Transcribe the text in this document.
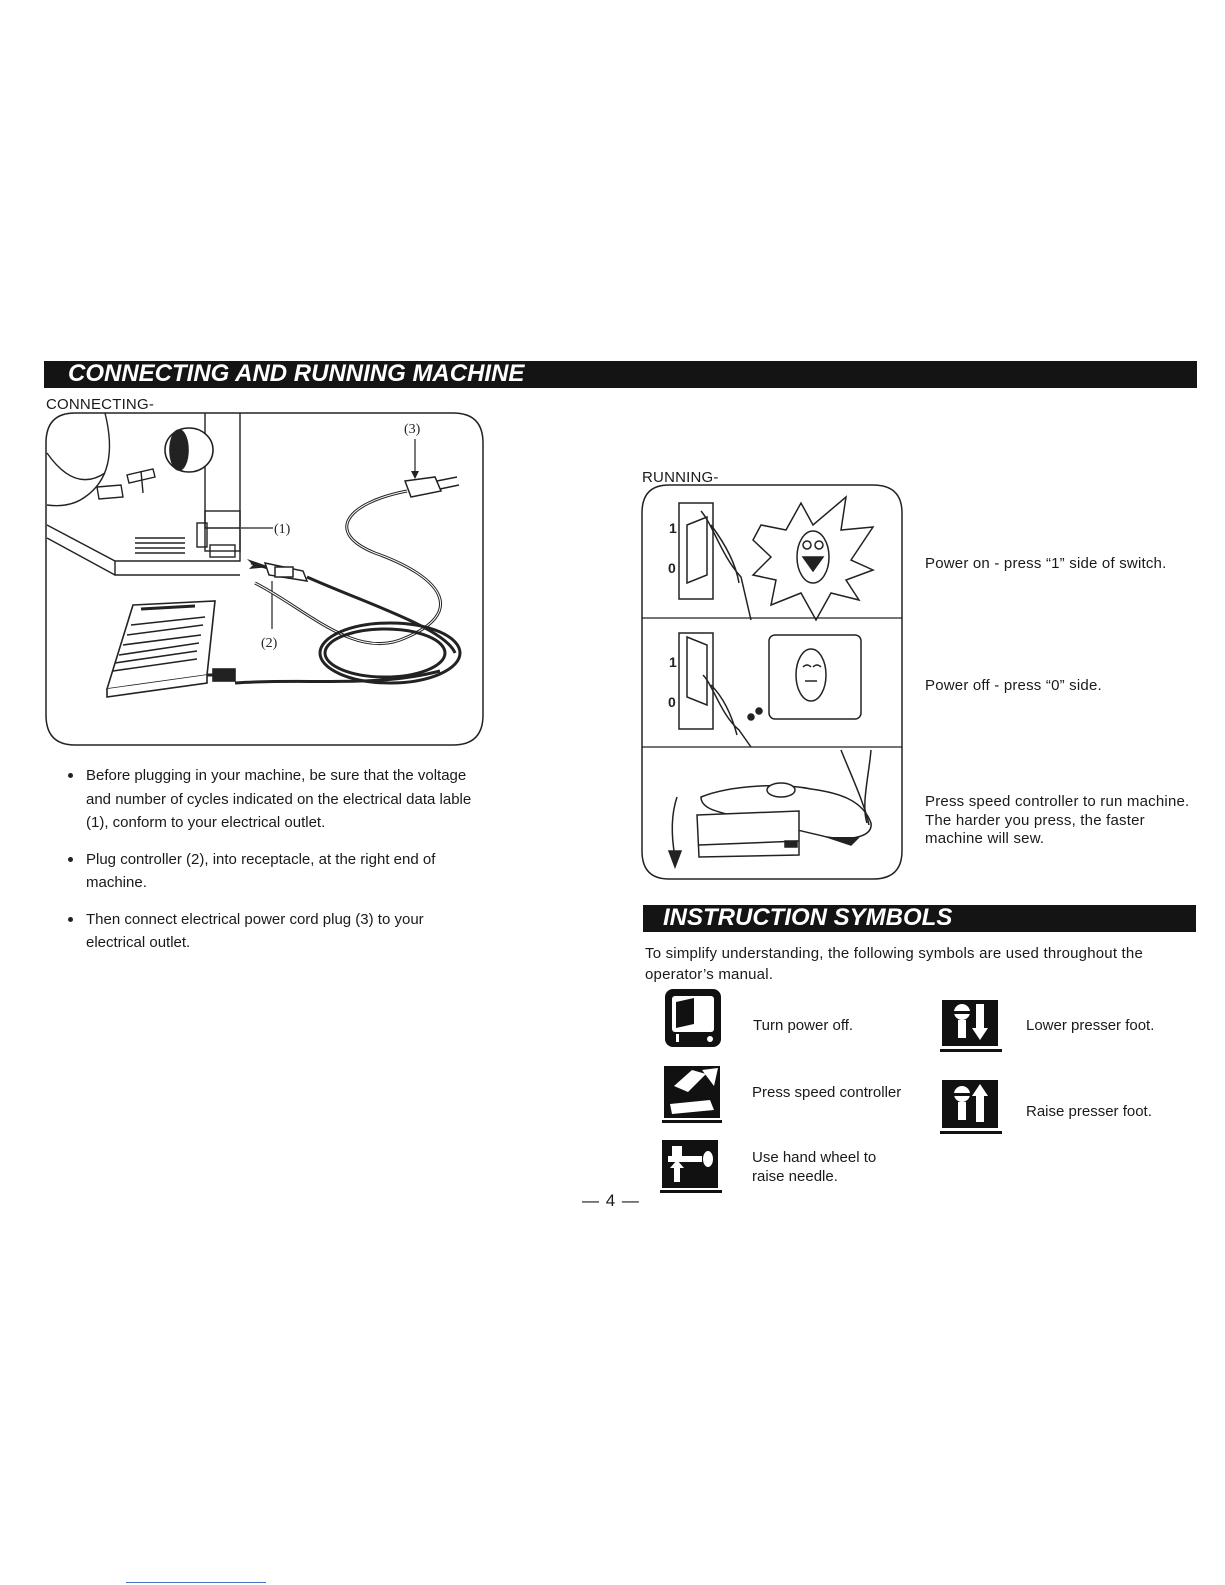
CONNECTING AND RUNNING MACHINE
CONNECTING-
(1)
(2)
(3)
Before plugging in your machine, be sure that the voltage and number of cycles indicated on the electrical data lable (1), conform to your electrical outlet.
Plug controller (2), into receptacle, at the right end of machine.
Then connect electrical power cord plug (3) to your electrical outlet.
RUNNING-
1
0
1
0
Power on - press “1” side of switch.
Power off - press “0” side.
Press speed controller to run machine.
The harder you press, the faster
machine will sew.
INSTRUCTION SYMBOLS
To simplify understanding, the following symbols are used throughout the
operator’s manual.
Turn power off.
Press speed controller
Use hand wheel to
raise needle.
Lower presser foot.
Raise presser foot.
— 4 —
